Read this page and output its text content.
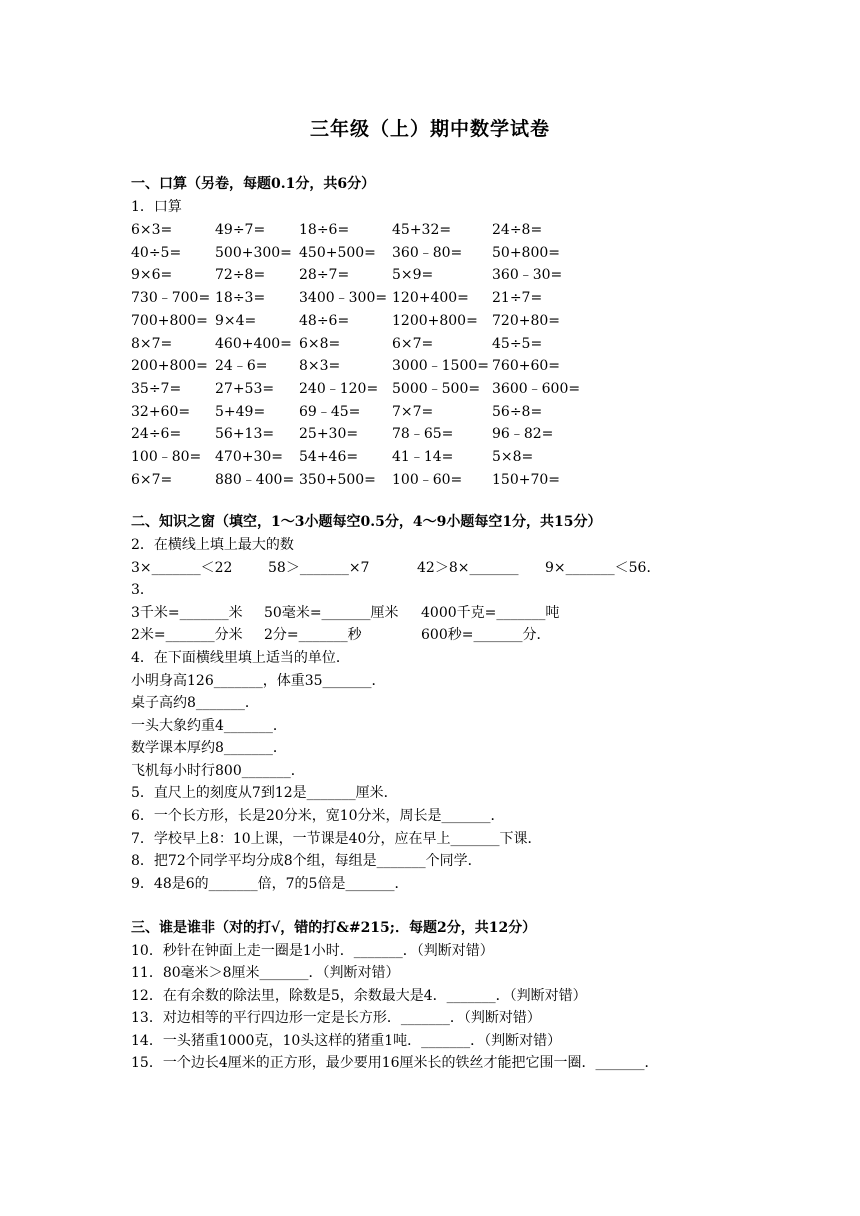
三年级（上）期中数学试卷
一、口算（另卷，每题0.1分，共6分）
1．口算
6×3=	49÷7= 18÷6=	45+32=	24÷8=
40÷5= 500+300= 450+500= 360﹣80= 50+800=
9×6=	72÷8= 28÷7=	5×9=	360﹣30=
730﹣700= 18÷3= 3400﹣300= 120+400= 21÷7=
700+800= 9×4=	48÷6=	1200+800= 720+80=
8×7=	460+400= 6×8=	6×7=	45÷5=
200+800= 24﹣6= 8×3=	3000﹣1500= 760+60=
35÷7= 27+53= 240﹣120= 5000﹣500= 3600﹣600=
32+60= 5+49= 69﹣45= 7×7=	56÷8=
24÷6= 56+13= 25+30= 78﹣65=	96﹣82=
100﹣80= 470+30= 54+46= 41﹣14=	5×8=
6×7=	880﹣400= 350+500= 100﹣60= 150+70=
二、知识之窗（填空，1～3小题每空0.5分，4～9小题每空1分，共15分）
2．在横线上填上最大的数
3×_______＜22	58＞_______×7	42＞8×_______ 9×_______＜56．
3．
3千米=_______米 50毫米=_______厘米 4000千克=_______吨
2米=_______分米 2分=_______秒	600秒=_______分．
4．在下面横线里填上适当的单位．
小明身高126_______，体重35_______．
桌子高约8_______．
一头大象约重4_______．
数学课本厚约8_______．
飞机每小时行800_______．
5．直尺上的刻度从7到12是_______厘米．
6．一个长方形，长是20分米，宽10分米，周长是_______．
7．学校早上8：10上课，一节课是40分，应在早上_______下课．
8．把72个同学平均分成8个组，每组是_______个同学．
9．48是6的_______倍，7的5倍是_______．
三、谁是谁非（对的打√，错的打&#215;．每题2分，共12分）
10．秒针在钟面上走一圈是1小时．_______．（判断对错）
11．80毫米＞8厘米_______．（判断对错）
12．在有余数的除法里，除数是5，余数最大是4．_______．（判断对错）
13．对边相等的平行四边形一定是长方形．_______．（判断对错）
14．一头猪重1000克，10头这样的猪重1吨．_______．（判断对错）
15．一个边长4厘米的正方形，最少要用16厘米长的铁丝才能把它围一圈．_______．
